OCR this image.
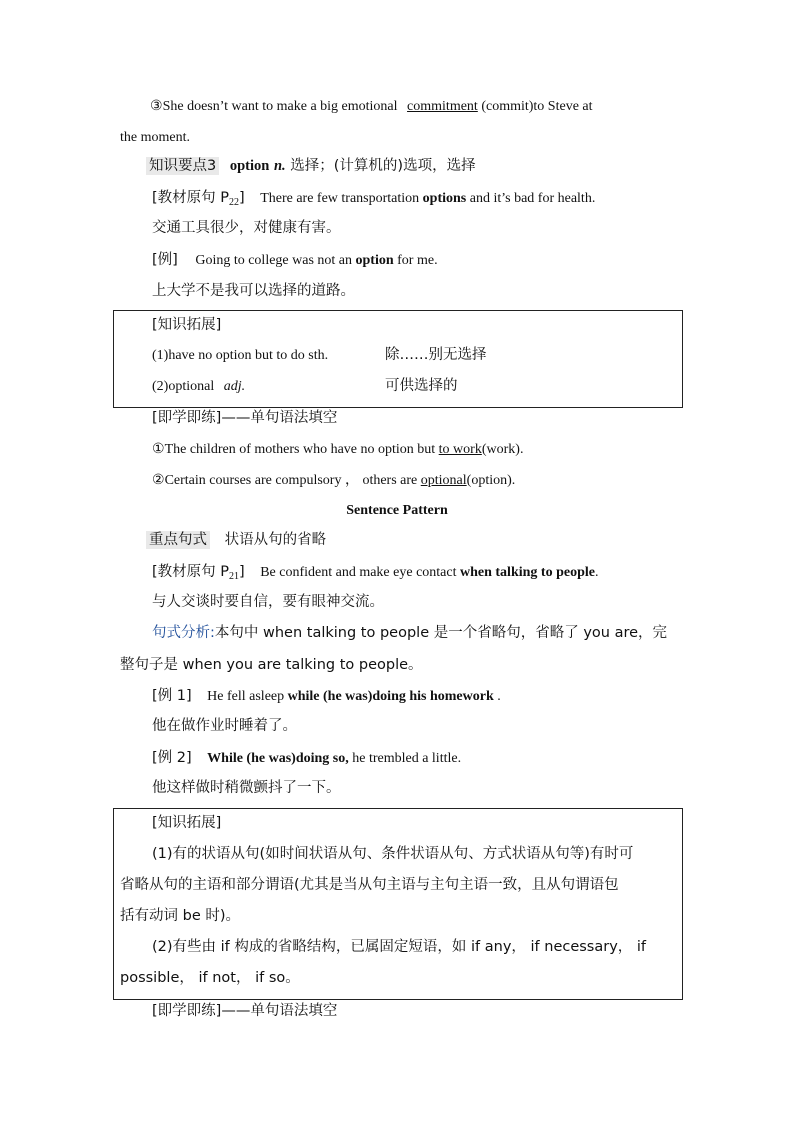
③She doesn’t want to make a big emotional commitment (commit)to Steve at
the moment.
知识要点3 option n. 选择；(计算机的)选项，选择
[教材原句 $P_{22}$] There are few transportation options and it’s bad for health.
交通工具很少，对健康有害。
[例] Going to college was not an option for me.
上大学不是我可以选择的道路。
[知识拓展]
(1)have no option but to do sth.	除……别无选择
(2)optional adj.	可供选择的
[即学即练]——单句语法填空
①The children of mothers who have no option but to work(work).
②Certain courses are compulsory ， others are optional(option).
Sentence Pattern
重点句式 状语从句的省略
[教材原句 $P_{21}$] Be confident and make eye contact when talking to people.
与人交谈时要自信，要有眼神交流。
句式分析:本句中 when talking to people 是一个省略句，省略了 you are，完
整句子是 when you are talking to people。
[例 1] He fell asleep while (he was)doing his homework .
他在做作业时睡着了。
[例 2] While (he was)doing so, he trembled a little.
他这样做时稍微颤抖了一下。
[知识拓展]
(1)有的状语从句(如时间状语从句、条件状语从句、方式状语从句等)有时可
省略从句的主语和部分谓语(尤其是当从句主语与主句主语一致，且从句谓语包
括有动词 be 时)。
(2)有些由 if 构成的省略结构，已属固定短语，如 if any， if necessary， if
possible， if not， if so。
[即学即练]——单句语法填空
